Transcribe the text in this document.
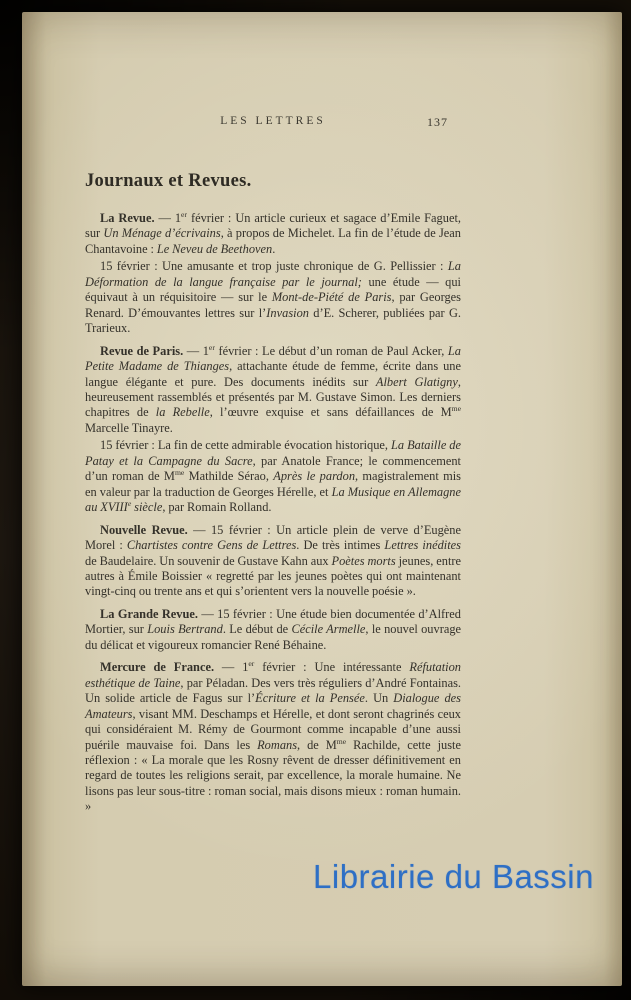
LES LETTRES	137
Journaux et Revues.

La Revue. — 1er février : Un article curieux et sagace d’Emile Faguet, sur Un Ménage d’écrivains, à propos de Michelet. La fin de l’étude de Jean Chantavoine : Le Neveu de Beethoven.

15 février : Une amusante et trop juste chronique de G. Pellissier : La Déformation de la langue française par le journal; une étude — qui équivaut à un réquisitoire — sur le Mont-de-Piété de Paris, par Georges Renard. D’émouvantes lettres sur l’Invasion d’E. Scherer, publiées par G. Trarieux.

Revue de Paris. — 1er février : Le début d’un roman de Paul Acker, La Petite Madame de Thianges, attachante étude de femme, écrite dans une langue élégante et pure. Des documents inédits sur Albert Glatigny, heureusement rassemblés et présentés par M. Gustave Simon. Les derniers chapitres de la Rebelle, l’œuvre exquise et sans défaillances de $M^{me}$ Marcelle Tinayre.

15 février : La fin de cette admirable évocation historique, La Bataille de Patay et la Campagne du Sacre, par Anatole France; le commencement d’un roman de $M^{me}$ Mathilde Sérao, Après le pardon, magistralement mis en valeur par la traduction de Georges Hérelle, et La Musique en Allemagne au XVIIIe siècle, par Romain Rolland.

Nouvelle Revue. — 15 février : Un article plein de verve d’Eugène Morel : Chartistes contre Gens de Lettres. De très intimes Lettres inédites de Baudelaire. Un souvenir de Gustave Kahn aux Poètes morts jeunes, entre autres à Émile Boissier « regretté par les jeunes poètes qui ont maintenant vingt-cinq ou trente ans et qui s’orientent vers la nouvelle poésie ».

La Grande Revue. — 15 février : Une étude bien documentée d’Alfred Mortier, sur Louis Bertrand. Le début de Cécile Armelle, le nouvel ouvrage du délicat et vigoureux romancier René Béhaine.

Mercure de France. — 1er février : Une intéressante Réfutation esthétique de Taine, par Péladan. Des vers très réguliers d’André Fontainas. Un solide article de Fagus sur l’Écriture et la Pensée. Un Dialogue des Amateurs, visant MM. Deschamps et Hérelle, et dont seront chagrinés ceux qui considéraient M. Rémy de Gourmont comme incapable d’une aussi puérile mauvaise foi. Dans les Romans, de $M^{me}$ Rachilde, cette juste réflexion : « La morale que les Rosny rêvent de dresser définitivement en regard de toutes les religions serait, par excellence, la morale humaine. Ne lisons pas leur sous-titre : roman social, mais disons mieux : roman humain. »

Librairie du Bassin
